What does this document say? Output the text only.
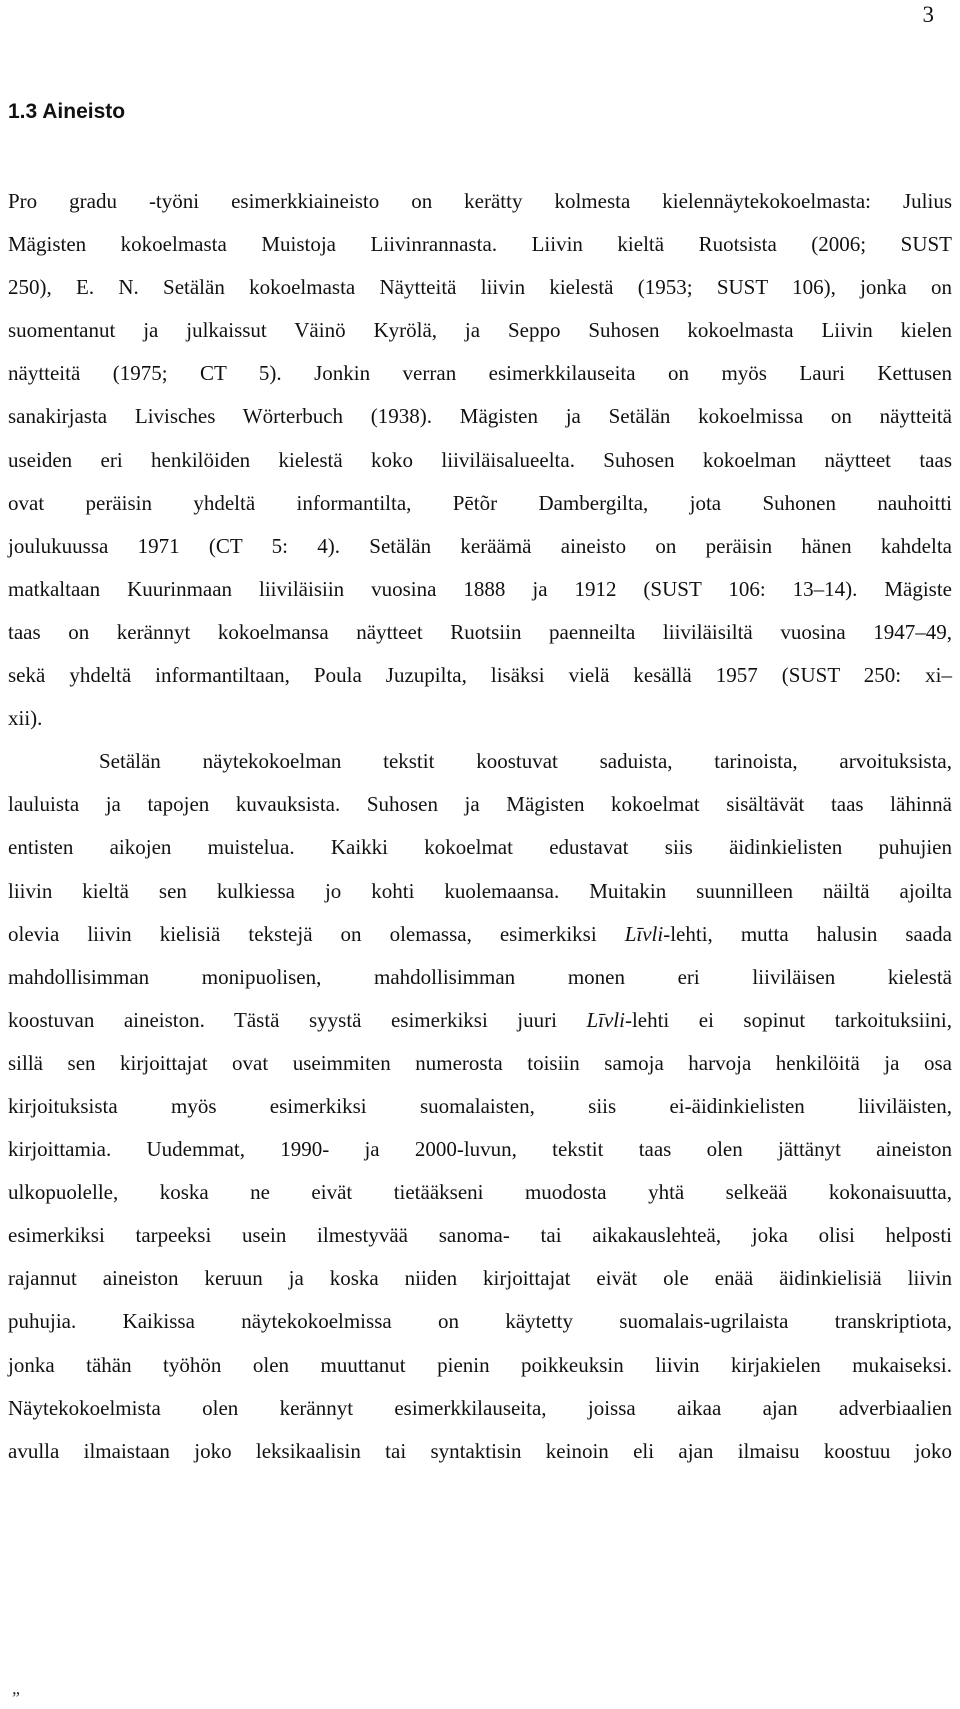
3
1.3 Aineisto

Pro gradu -työni esimerkkiaineisto on kerätty kolmesta kielennäytekokoelmasta: Julius
Mägisten kokoelmasta Muistoja Liivinrannasta. Liivin kieltä Ruotsista (2006; SUST
250), E. N. Setälän kokoelmasta Näytteitä liivin kielestä (1953; SUST 106), jonka on
suomentanut ja julkaissut Väinö Kyrölä, ja Seppo Suhosen kokoelmasta Liivin kielen
näytteitä (1975; CT 5). Jonkin verran esimerkkilauseita on myös Lauri Kettusen
sanakirjasta Livisches Wörterbuch (1938). Mägisten ja Setälän kokoelmissa on näytteitä
useiden eri henkilöiden kielestä koko liiviläisalueelta. Suhosen kokoelman näytteet taas
ovat peräisin yhdeltä informantilta, Pētõr Dambergilta, jota Suhonen nauhoitti
joulukuussa 1971 (CT 5: 4). Setälän keräämä aineisto on peräisin hänen kahdelta
matkaltaan Kuurinmaan liiviläisiin vuosina 1888 ja 1912 (SUST 106: 13–14). Mägiste
taas on kerännyt kokoelmansa näytteet Ruotsiin paenneilta liiviläisiltä vuosina 1947–49,
sekä yhdeltä informantiltaan, Poula Juzupilta, lisäksi vielä kesällä 1957 (SUST 250: xi–
xii).

Setälän näytekokoelman tekstit koostuvat saduista, tarinoista, arvoituksista,
lauluista ja tapojen kuvauksista. Suhosen ja Mägisten kokoelmat sisältävät taas lähinnä
entisten aikojen muistelua. Kaikki kokoelmat edustavat siis äidinkielisten puhujien
liivin kieltä sen kulkiessa jo kohti kuolemaansa. Muitakin suunnilleen näiltä ajoilta
olevia liivin kielisiä tekstejä on olemassa, esimerkiksi Līvli-lehti, mutta halusin saada
mahdollisimman monipuolisen, mahdollisimman monen eri liiviläisen kielestä
koostuvan aineiston. Tästä syystä esimerkiksi juuri Līvli-lehti ei sopinut tarkoituksiini,
sillä sen kirjoittajat ovat useimmiten numerosta toisiin samoja harvoja henkilöitä ja osa
kirjoituksista myös esimerkiksi suomalaisten, siis ei-äidinkielisten liiviläisten,
kirjoittamia. Uudemmat, 1990- ja 2000-luvun, tekstit taas olen jättänyt aineiston
ulkopuolelle, koska ne eivät tietääkseni muodosta yhtä selkeää kokonaisuutta,
esimerkiksi tarpeeksi usein ilmestyvää sanoma- tai aikakauslehteä, joka olisi helposti
rajannut aineiston keruun ja koska niiden kirjoittajat eivät ole enää äidinkielisiä liivin
puhujia. Kaikissa näytekokoelmissa on käytetty suomalais-ugrilaista transkriptiota,
jonka tähän työhön olen muuttanut pienin poikkeuksin liivin kirjakielen mukaiseksi.
Näytekokoelmista olen kerännyt esimerkkilauseita, joissa aikaa ajan adverbiaalien
avulla ilmaistaan joko leksikaalisin tai syntaktisin keinoin eli ajan ilmaisu koostuu joko

”
